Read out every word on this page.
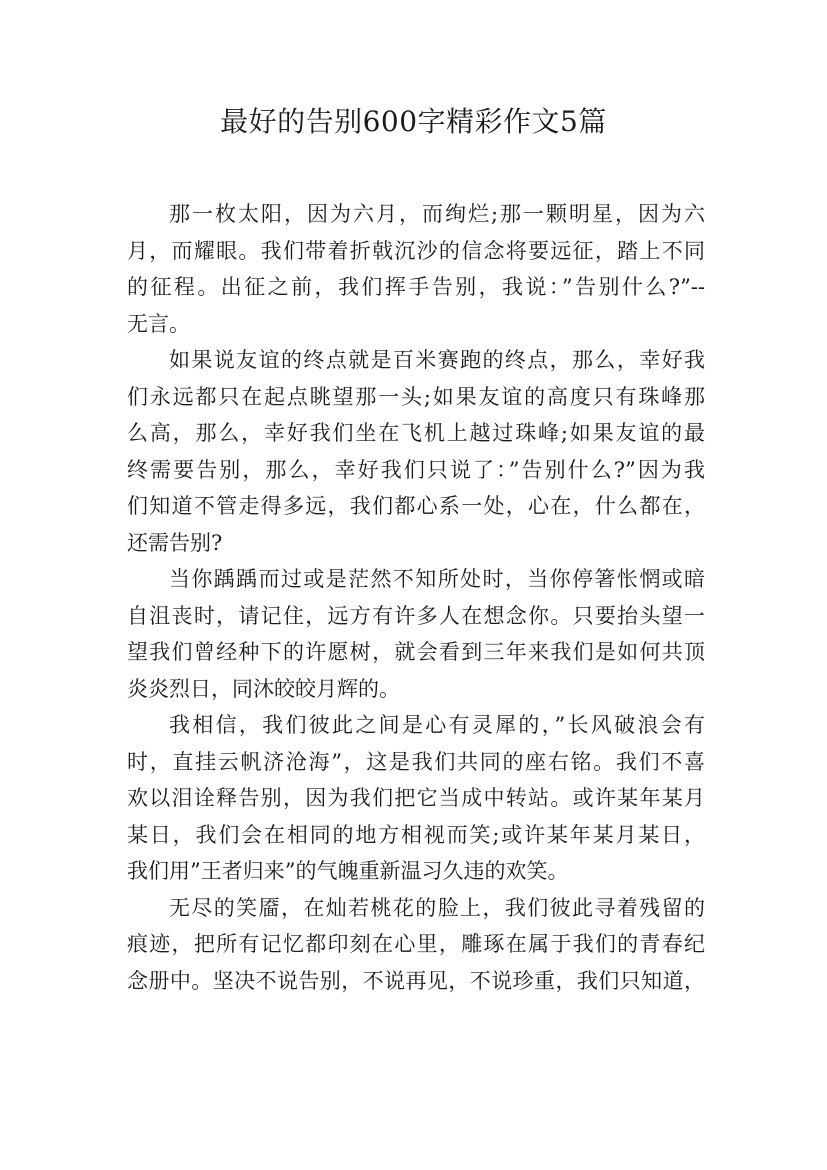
最好的告别600字精彩作文5篇

那一枚太阳，因为六月，而绚烂;那一颗明星，因为六
月，而耀眼。我们带着折戟沉沙的信念将要远征，踏上不同
的征程。出征之前，我们挥手告别，我说：”告别什么?”--
无言。

如果说友谊的终点就是百米赛跑的终点，那么，幸好我
们永远都只在起点眺望那一头;如果友谊的高度只有珠峰那
么高，那么，幸好我们坐在飞机上越过珠峰;如果友谊的最
终需要告别，那么，幸好我们只说了：”告别什么?”因为我
们知道不管走得多远，我们都心系一处，心在，什么都在，
还需告别?

当你踽踽而过或是茫然不知所处时，当你停箸怅惘或暗
自沮丧时，请记住，远方有许多人在想念你。只要抬头望一
望我们曾经种下的许愿树，就会看到三年来我们是如何共顶
炎炎烈日，同沐皎皎月辉的。

我相信，我们彼此之间是心有灵犀的，”长风破浪会有
时，直挂云帆济沧海”，这是我们共同的座右铭。我们不喜
欢以泪诠释告别，因为我们把它当成中转站。或许某年某月
某日，我们会在相同的地方相视而笑;或许某年某月某日，
我们用”王者归来”的气魄重新温习久违的欢笑。

无尽的笑靥，在灿若桃花的脸上，我们彼此寻着残留的
痕迹，把所有记忆都印刻在心里，雕琢在属于我们的青春纪
念册中。坚决不说告别，不说再见，不说珍重，我们只知道，
